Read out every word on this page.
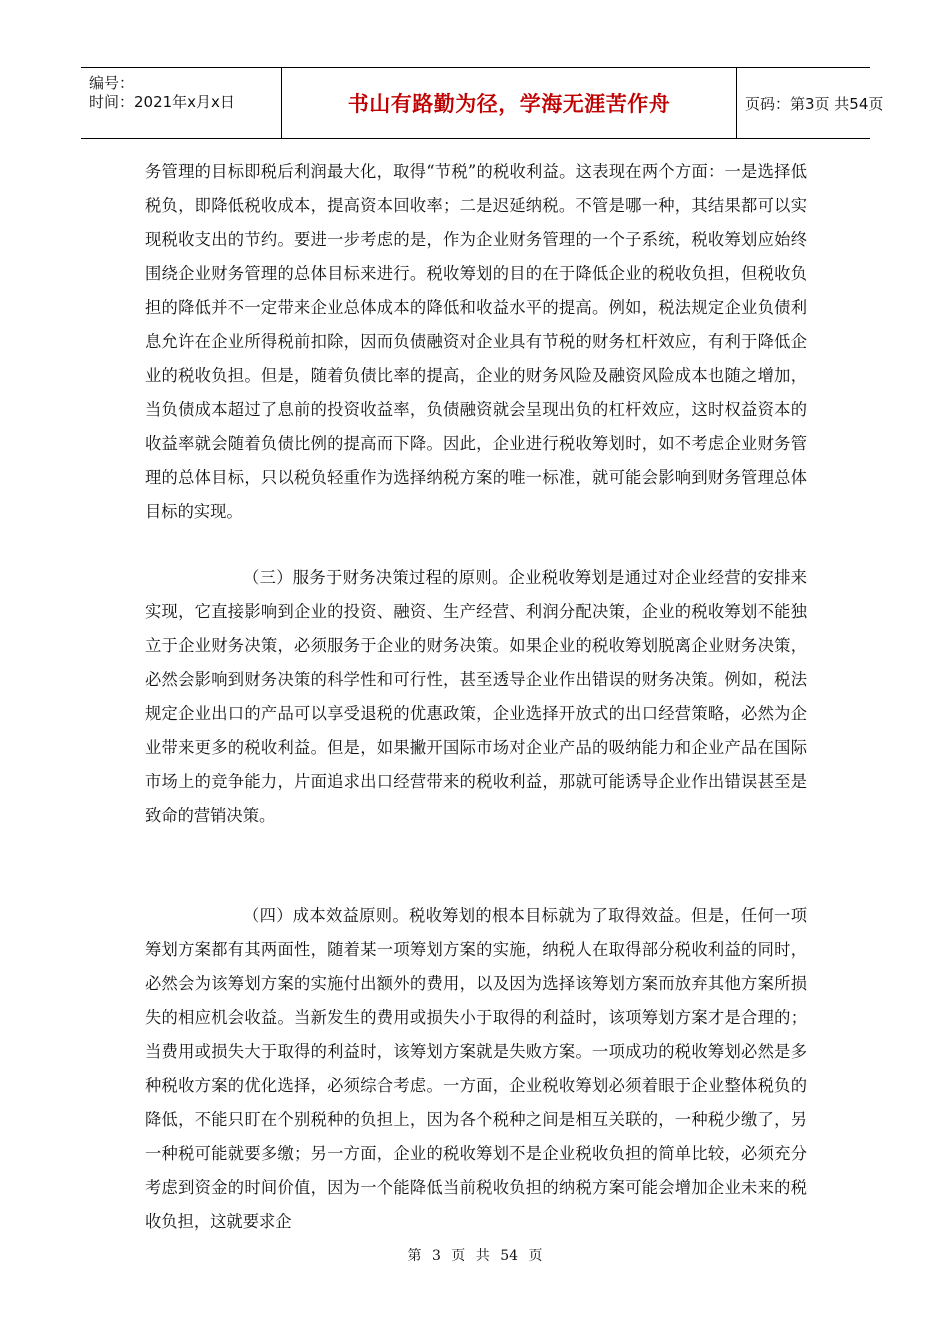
编号：
时间：2021年x月x日	书山有路勤为径，学海无涯苦作舟	页码：第3页 共54页

务管理的目标即税后利润最大化，取得“节税”的税收利益。这表现在两个方面：一是选择低税负，即降低税收成本，提高资本回收率；二是迟延纳税。不管是哪一种，其结果都可以实现税收支出的节约。要进一步考虑的是，作为企业财务管理的一个子系统，税收筹划应始终围绕企业财务管理的总体目标来进行。税收筹划的目的在于降低企业的税收负担，但税收负担的降低并不一定带来企业总体成本的降低和收益水平的提高。例如，税法规定企业负债利息允许在企业所得税前扣除，因而负债融资对企业具有节税的财务杠杆效应，有利于降低企业的税收负担。但是，随着负债比率的提高，企业的财务风险及融资风险成本也随之增加，当负债成本超过了息前的投资收益率，负债融资就会呈现出负的杠杆效应，这时权益资本的收益率就会随着负债比例的提高而下降。因此，企业进行税收筹划时，如不考虑企业财务管理的总体目标，只以税负轻重作为选择纳税方案的唯一标准，就可能会影响到财务管理总体目标的实现。

（三）服务于财务决策过程的原则。企业税收筹划是通过对企业经营的安排来实现，它直接影响到企业的投资、融资、生产经营、利润分配决策，企业的税收筹划不能独立于企业财务决策，必须服务于企业的财务决策。如果企业的税收筹划脱离企业财务决策，必然会影响到财务决策的科学性和可行性，甚至透导企业作出错误的财务决策。例如，税法规定企业出口的产品可以享受退税的优惠政策，企业选择开放式的出口经营策略，必然为企业带来更多的税收利益。但是，如果撇开国际市场对企业产品的吸纳能力和企业产品在国际市场上的竞争能力，片面追求出口经营带来的税收利益，那就可能诱导企业作出错误甚至是致命的营销决策。

（四）成本效益原则。税收筹划的根本目标就为了取得效益。但是，任何一项筹划方案都有其两面性，随着某一项筹划方案的实施，纳税人在取得部分税收利益的同时，必然会为该筹划方案的实施付出额外的费用，以及因为选择该筹划方案而放弃其他方案所损失的相应机会收益。当新发生的费用或损失小于取得的利益时，该项筹划方案才是合理的；当费用或损失大于取得的利益时，该筹划方案就是失败方案。一项成功的税收筹划必然是多种税收方案的优化选择，必须综合考虑。一方面，企业税收筹划必须着眼于企业整体税负的降低，不能只盯在个别税种的负担上，因为各个税种之间是相互关联的，一种税少缴了，另一种税可能就要多缴；另一方面，企业的税收筹划不是企业税收负担的简单比较，必须充分考虑到资金的时间价值，因为一个能降低当前税收负担的纳税方案可能会增加企业未来的税收负担，这就要求企

第 3 页 共 54 页
